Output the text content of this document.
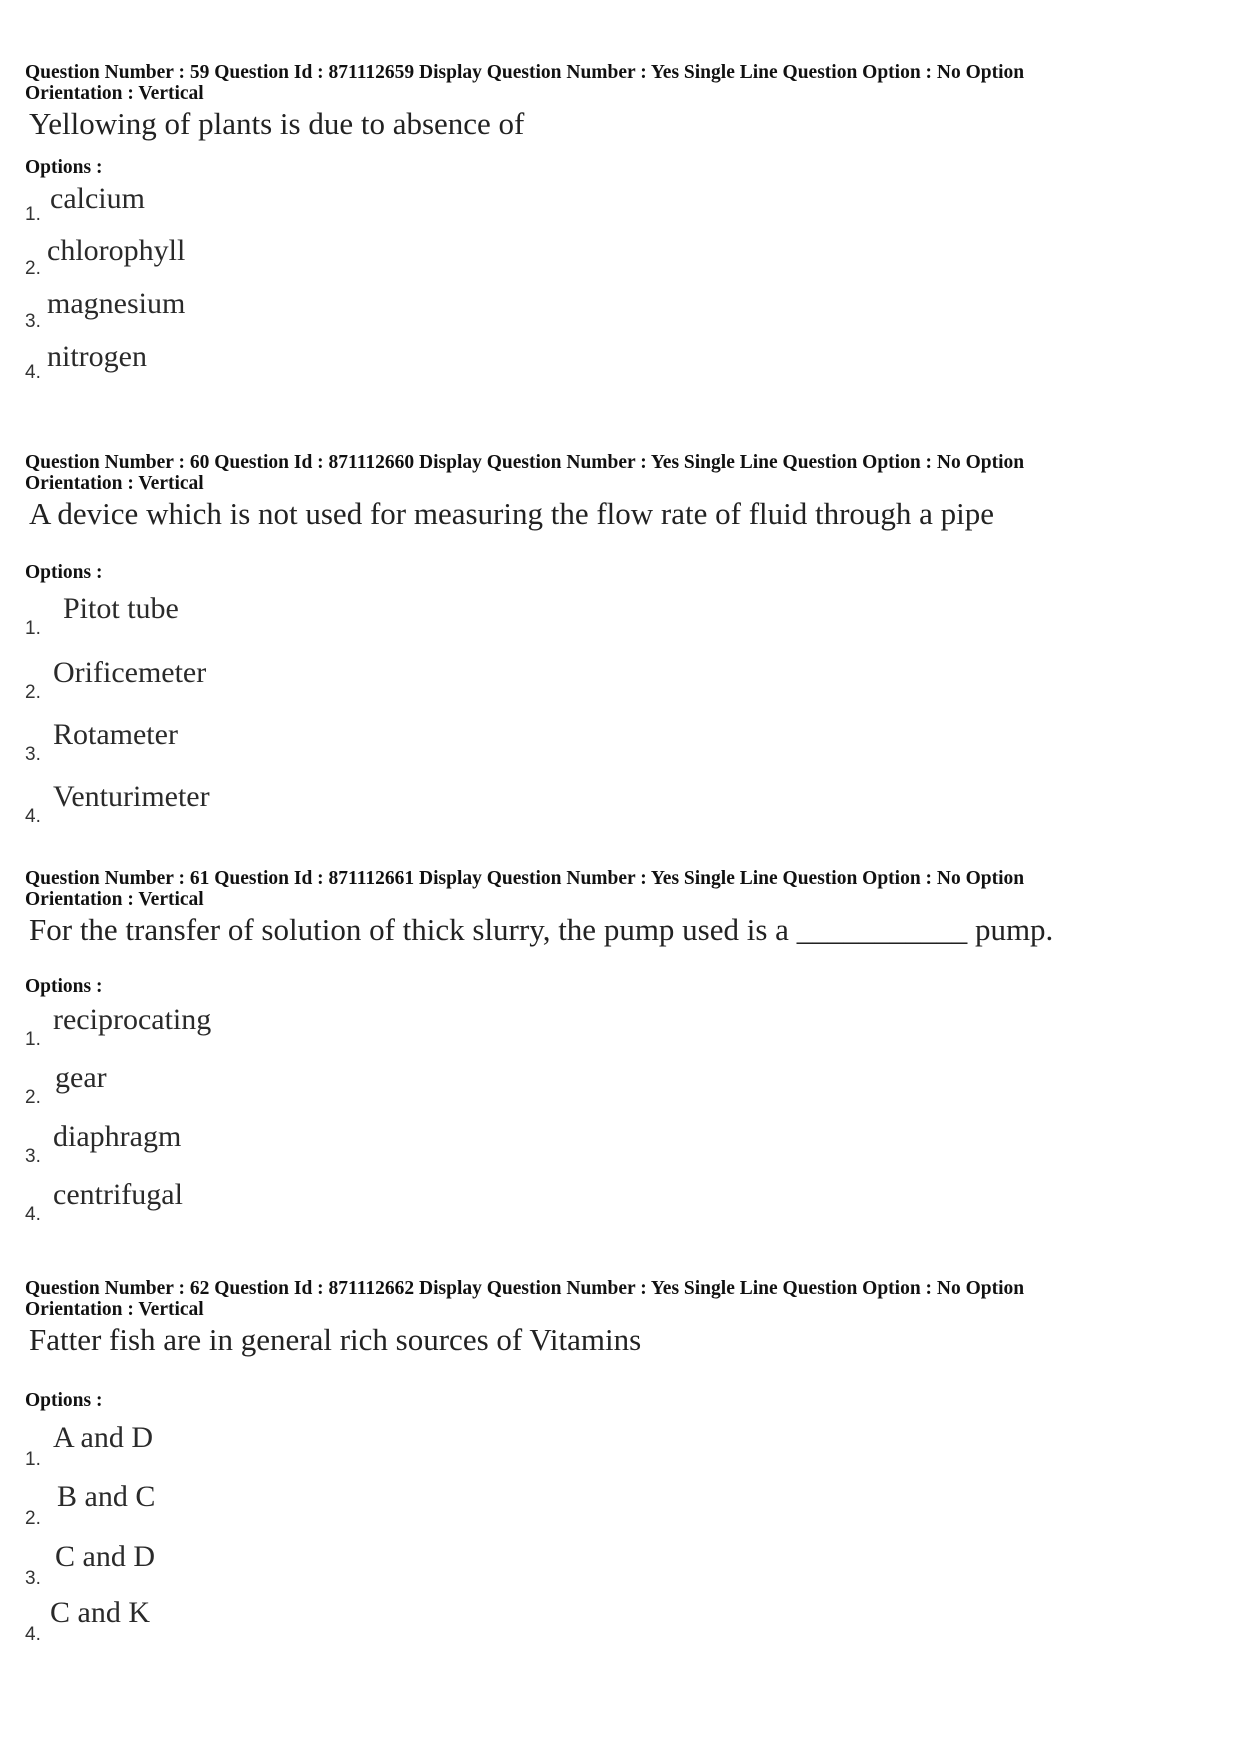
Question Number : 59 Question Id : 871112659 Display Question Number : Yes Single Line Question Option : No Option
Orientation : Vertical
Yellowing of plants is due to absence of
Options :
1. calcium
2.
chlorophyll
3.
magnesium
4. nitrogen
Question Number : 60 Question Id : 871112660 Display Question Number : Yes Single Line Question Option : No Option
Orientation : Vertical
A device which is not used for measuring the flow rate of fluid through a pipe
Options :
1.
Pitot tube
2.
Orificemeter
3.
Rotameter
4.
Venturimeter
Question Number : 61 Question Id : 871112661 Display Question Number : Yes Single Line Question Option : No Option
Orientation : Vertical
For the transfer of solution of thick slurry, the pump used is a ___________ pump.
Options :
1.
reciprocating
2.
gear
3.
diaphragm
4.
centrifugal
Question Number : 62 Question Id : 871112662 Display Question Number : Yes Single Line Question Option : No Option
Orientation : Vertical
Fatter fish are in general rich sources of Vitamins
Options :
1.
A and D
2.
B and C
3.
C and D
4.
C and K
